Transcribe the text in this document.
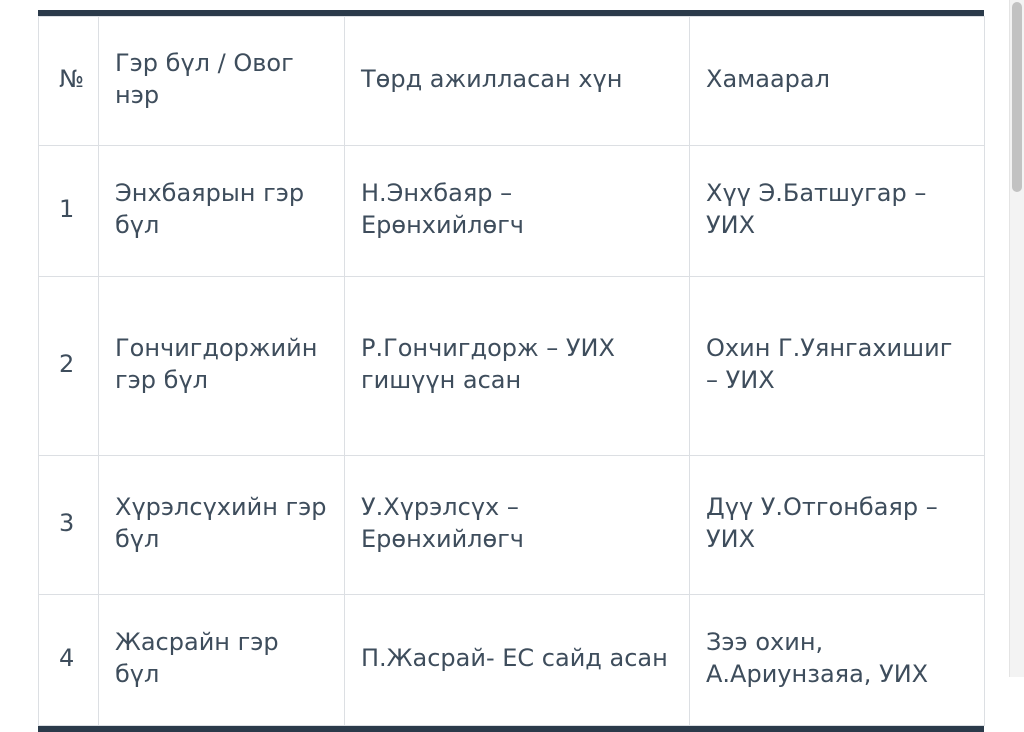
№	Гэр бүл / Овог нэр	Төрд ажилласан хүн	Хамаарал

1	Энхбаярын гэр бүл	Н.Энхбаяр – Ерөнхийлөгч	Хүү Э.Батшугар – УИХ

2	Гончигдоржийн гэр бүл	Р.Гончигдорж – УИХ гишүүн асан	Охин Г.Уянгахишиг – УИХ

3	Хүрэлсүхийн гэр бүл	У.Хүрэлсүх – Ерөнхийлөгч	Дүү У.Отгонбаяр – УИХ

4	Жасрайн гэр бүл	П.Жасрай- ЕС сайд асан	Зээ охин, А.Ариунзаяа, УИХ
